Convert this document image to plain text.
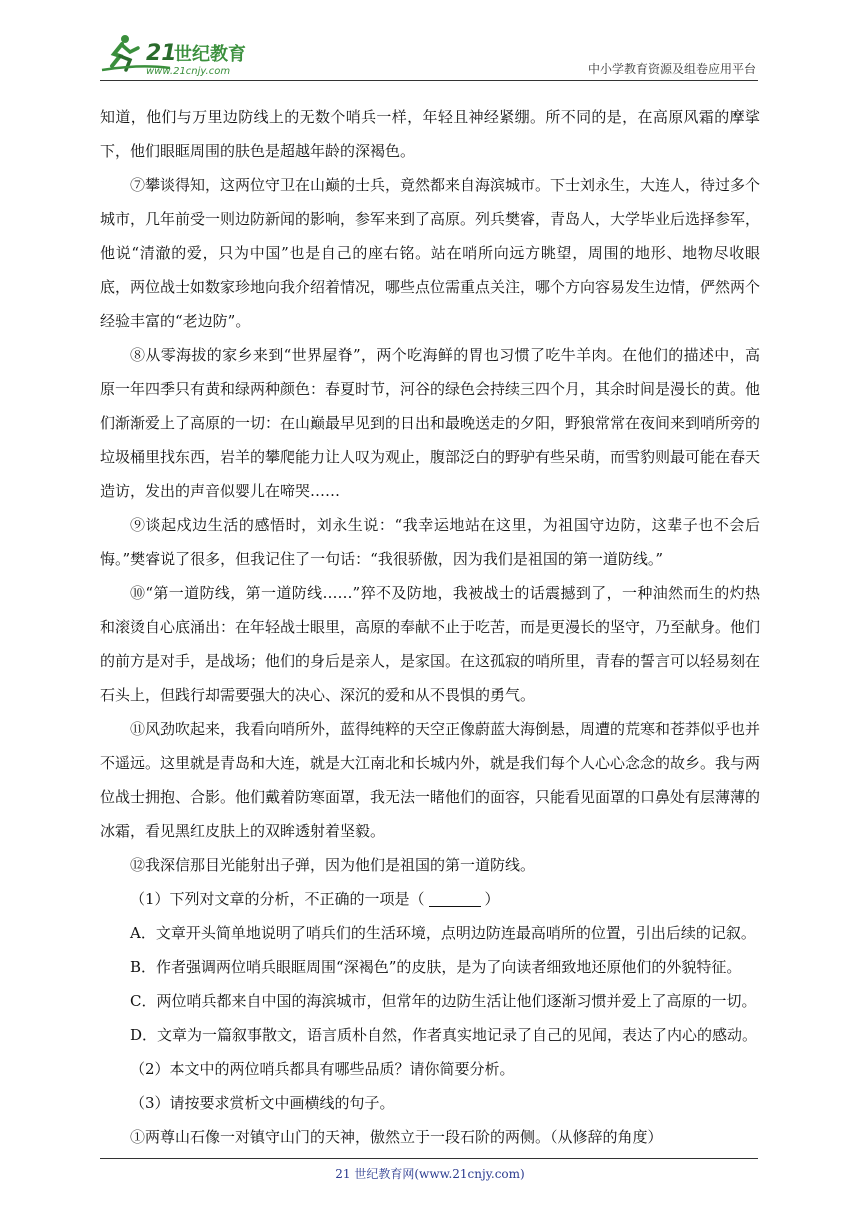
21
世纪教育
www.21cnjy.com	中小学教育资源及组卷应用平台

知道，他们与万里边防线上的无数个哨兵一样，年轻且神经紧绷。所不同的是，在高原风霜的摩挲下，他们眼眶周围的肤色是超越年龄的深褐色。

⑦攀谈得知，这两位守卫在山巅的士兵，竟然都来自海滨城市。下士刘永生，大连人，待过多个城市，几年前受一则边防新闻的影响，参军来到了高原。列兵樊睿，青岛人，大学毕业后选择参军，他说“清澈的爱，只为中国”也是自己的座右铭。站在哨所向远方眺望，周围的地形、地物尽收眼底，两位战士如数家珍地向我介绍着情况，哪些点位需重点关注，哪个方向容易发生边情，俨然两个经验丰富的“老边防”。

⑧从零海拔的家乡来到“世界屋脊”，两个吃海鲜的胃也习惯了吃牛羊肉。在他们的描述中，高原一年四季只有黄和绿两种颜色：春夏时节，河谷的绿色会持续三四个月，其余时间是漫长的黄。他们渐渐爱上了高原的一切：在山巅最早见到的日出和最晚送走的夕阳，野狼常常在夜间来到哨所旁的垃圾桶里找东西，岩羊的攀爬能力让人叹为观止，腹部泛白的野驴有些呆萌，而雪豹则最可能在春天造访，发出的声音似婴儿在啼哭……

⑨谈起戍边生活的感悟时，刘永生说：“我幸运地站在这里，为祖国守边防，这辈子也不会后悔。”樊睿说了很多，但我记住了一句话：“我很骄傲，因为我们是祖国的第一道防线。”

⑩“第一道防线，第一道防线……”猝不及防地，我被战士的话震撼到了，一种油然而生的灼热和滚烫自心底涌出：在年轻战士眼里，高原的奉献不止于吃苦，而是更漫长的坚守，乃至献身。他们的前方是对手，是战场；他们的身后是亲人，是家国。在这孤寂的哨所里，青春的誓言可以轻易刻在石头上，但践行却需要强大的决心、深沉的爱和从不畏惧的勇气。

⑪风劲吹起来，我看向哨所外，蓝得纯粹的天空正像蔚蓝大海倒悬，周遭的荒寒和苍莽似乎也并不遥远。这里就是青岛和大连，就是大江南北和长城内外，就是我们每个人心心念念的故乡。我与两位战士拥抱、合影。他们戴着防寒面罩，我无法一睹他们的面容，只能看见面罩的口鼻处有层薄薄的冰霜，看见黑红皮肤上的双眸透射着坚毅。

⑫我深信那目光能射出子弹，因为他们是祖国的第一道防线。

（1）下列对文章的分析，不正确的一项是（	）

A．文章开头简单地说明了哨兵们的生活环境，点明边防连最高哨所的位置，引出后续的记叙。

B．作者强调两位哨兵眼眶周围“深褐色”的皮肤，是为了向读者细致地还原他们的外貌特征。

C．两位哨兵都来自中国的海滨城市，但常年的边防生活让他们逐渐习惯并爱上了高原的一切。

D．文章为一篇叙事散文，语言质朴自然，作者真实地记录了自己的见闻，表达了内心的感动。

（2）本文中的两位哨兵都具有哪些品质？请你简要分析。

（3）请按要求赏析文中画横线的句子。

①两尊山石像一对镇守山门的天神，傲然立于一段石阶的两侧。（从修辞的角度）

21 世纪教育网(www.21cnjy.com)
